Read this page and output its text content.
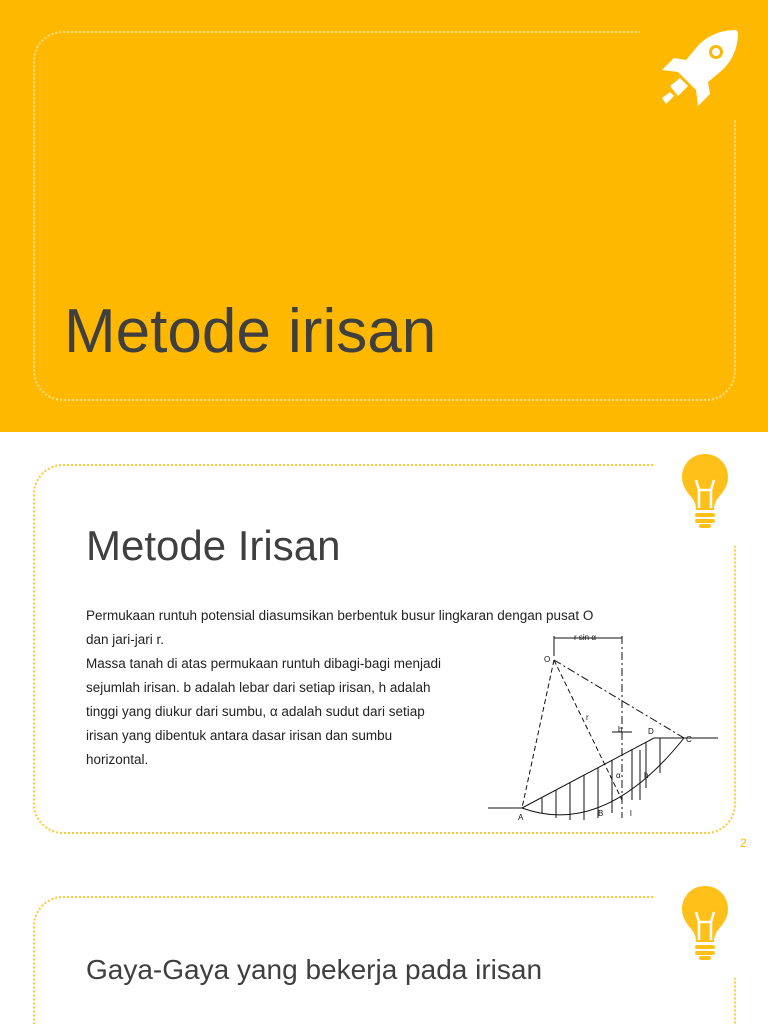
Metode irisan
Metode Irisan

Permukaan runtuh potensial diasumsikan berbentuk busur lingkaran dengan pusat O

dan jari-jari r.

Massa tanah di atas permukaan runtuh dibagi-bagi menjadi

sejumlah irisan. b adalah lebar dari setiap irisan, h adalah

tinggi yang diukur dari sumbu, α adalah sudut dari setiap

irisan yang dibentuk antara dasar irisan dan sumbu

horizontal.

r sin α
O
r
b	D
C
h
α
A	B	l
2
Gaya-Gaya yang bekerja pada irisan
